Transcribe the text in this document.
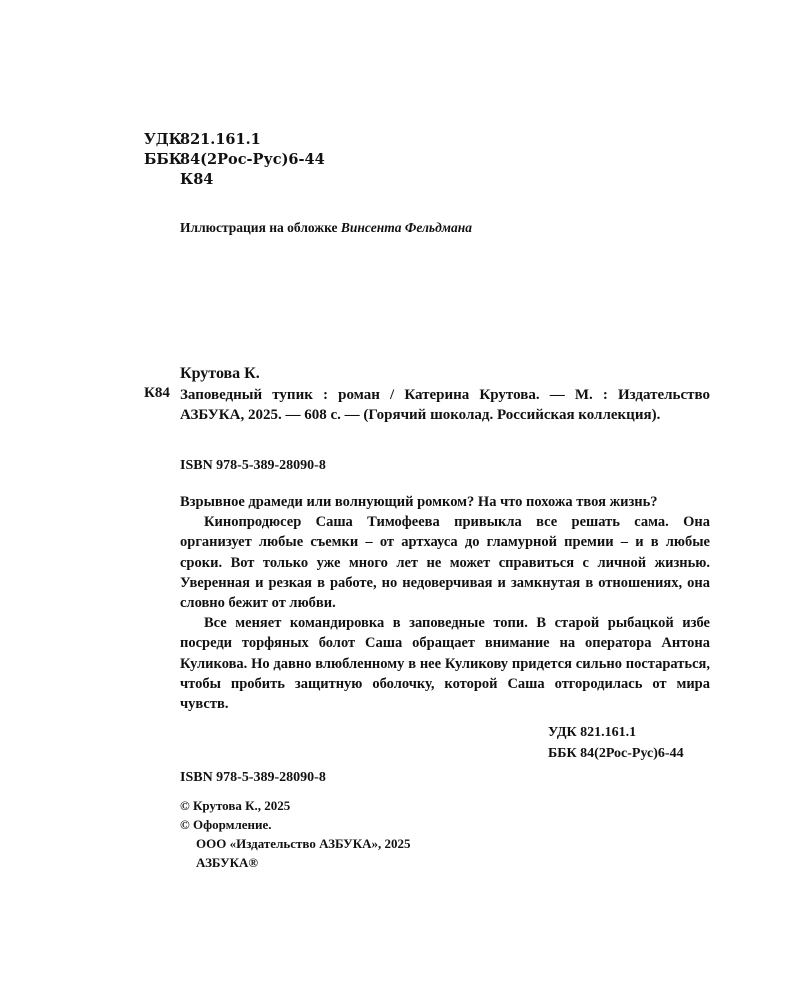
УДК
821.161.1
ББК
84(2Рос-Рус)6-44
К84
Иллюстрация на обложке Винсента Фельдмана
Крутова К.
К84 Заповедный тупик : роман / Катерина Крутова. — М. : Издательство АЗБУКА, 2025. — 608 с. — (Горячий шоколад. Российская коллекция).
ISBN 978-5-389-28090-8

Взрывное драмеди или волнующий ромком? На что похожа твоя жизнь?

Кинопродюсер Саша Тимофеева привыкла все решать сама. Она организует любые съемки – от артхауса до гламурной премии – и в любые сроки. Вот только уже много лет не может справиться с личной жизнью. Уверенная и резкая в работе, но недоверчивая и замкнутая в отношениях, она словно бежит от любви.

Все меняет командировка в заповедные топи. В старой рыбацкой избе посреди торфяных болот Саша обращает внимание на оператора Антона Куликова. Но давно влюбленному в нее Куликову придется сильно постараться, чтобы пробить защитную оболочку, которой Саша отгородилась от мира чувств.

УДК 821.161.1
ББК 84(2Рос-Рус)6-44
ISBN 978-5-389-28090-8
© Крутова К., 2025
© Оформление.
ООО «Издательство АЗБУКА», 2025
АЗБУКА®
